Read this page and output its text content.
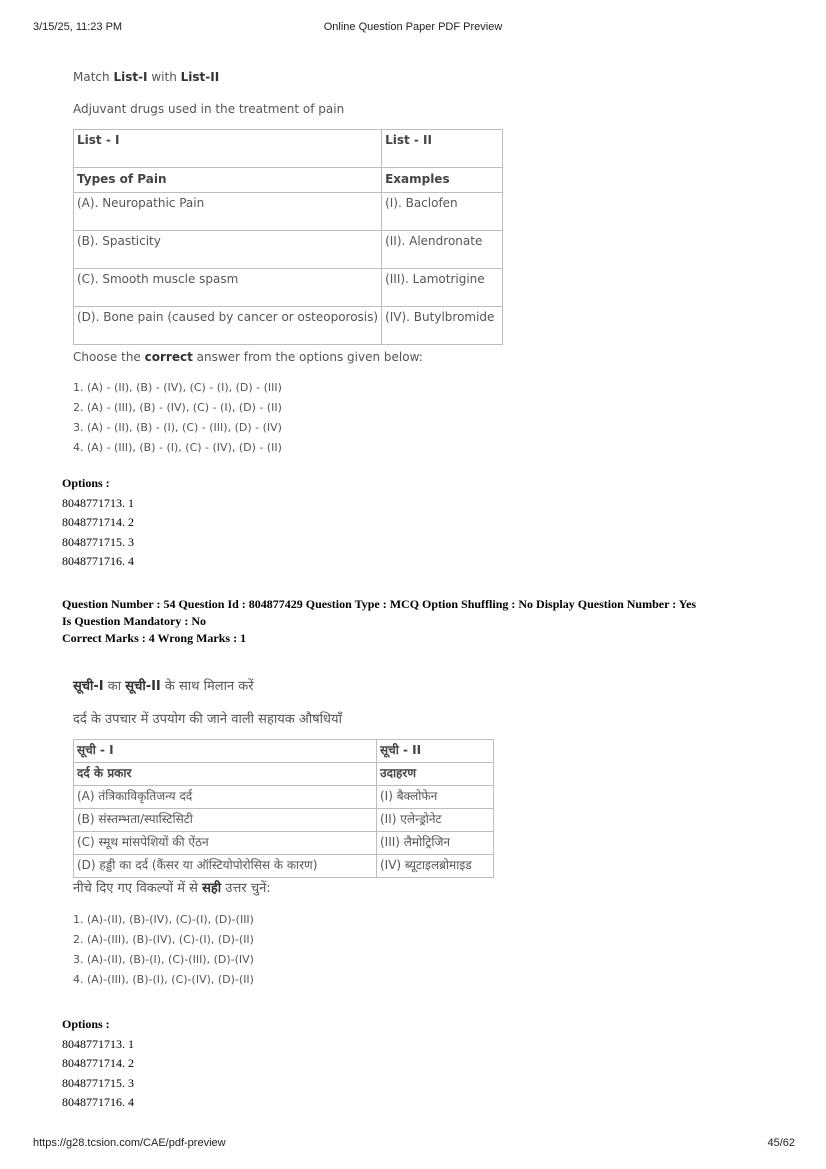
3/15/25, 11:23 PM	Online Question Paper PDF Preview
Match List-I with List-II
Adjuvant drugs used in the treatment of pain
List - I	List - II
Types of Pain	Examples
(A). Neuropathic Pain	(I). Baclofen
(B). Spasticity	(II). Alendronate
(C). Smooth muscle spasm	(III). Lamotrigine
(D). Bone pain (caused by cancer or osteoporosis)	(IV). Butylbromide
Choose the correct answer from the options given below:
1. (A) - (II), (B) - (IV), (C) - (I), (D) - (III)
2. (A) - (III), (B) - (IV), (C) - (I), (D) - (II)
3. (A) - (II), (B) - (I), (C) - (III), (D) - (IV)
4. (A) - (III), (B) - (I), (C) - (IV), (D) - (II)
Options :
8048771713. 1
8048771714. 2
8048771715. 3
8048771716. 4
Question Number : 54 Question Id : 804877429 Question Type : MCQ Option Shuffling : No Display Question Number : Yes
Is Question Mandatory : No
Correct Marks : 4 Wrong Marks : 1
सूची-I का सूची-II के साथ मिलान करें
दर्द के उपचार में उपयोग की जाने वाली सहायक औषधियाँ
सूची - I	सूची - II
दर्द के प्रकार	उदाहरण
(A) तंत्रिकाविकृतिजन्य दर्द	(I) बैक्लोफेन
(B) संस्तम्भता/स्पास्टिसिटी	(II) एलेन्ड्रोनेट
(C) स्मूथ मांसपेशियों की ऐंठन	(III) लैमोट्रिजिन
(D) हड्डी का दर्द (कैंसर या ऑस्टियोपोरोसिस के कारण)	(IV) ब्यूटाइलब्रोमाइड
नीचे दिए गए विकल्पों में से सही उत्तर चुनें:
1. (A)-(II), (B)-(IV), (C)-(I), (D)-(III)
2. (A)-(III), (B)-(IV), (C)-(I), (D)-(II)
3. (A)-(II), (B)-(I), (C)-(III), (D)-(IV)
4. (A)-(III), (B)-(I), (C)-(IV), (D)-(II)
Options :
8048771713. 1
8048771714. 2
8048771715. 3
8048771716. 4
https://g28.tcsion.com/CAE/pdf-preview	45/62
